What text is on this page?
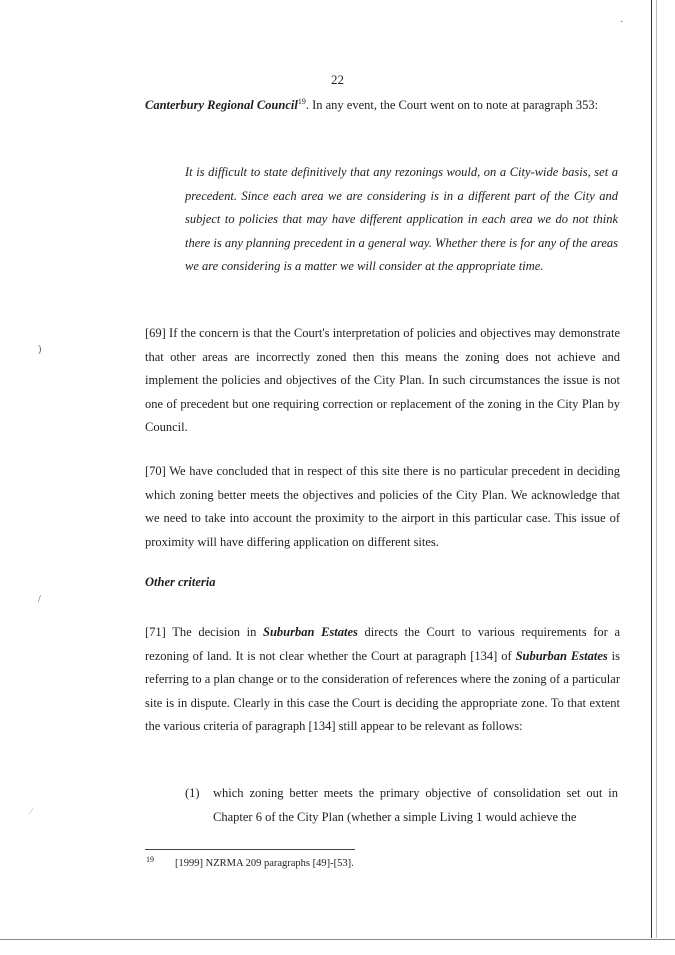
)
/
·
⁄
22
Canterbury Regional Council$^{19}$. In any event, the Court went on to note at paragraph 353:
It is difficult to state definitively that any rezonings would, on a City-wide basis, set a precedent. Since each area we are considering is in a different part of the City and subject to policies that may have different application in each area we do not think there is any planning precedent in a general way. Whether there is for any of the areas we are considering is a matter we will consider at the appropriate time.
[69] If the concern is that the Court's interpretation of policies and objectives may demonstrate that other areas are incorrectly zoned then this means the zoning does not achieve and implement the policies and objectives of the City Plan. In such circumstances the issue is not one of precedent but one requiring correction or replacement of the zoning in the City Plan by Council.
[70] We have concluded that in respect of this site there is no particular precedent in deciding which zoning better meets the objectives and policies of the City Plan. We acknowledge that we need to take into account the proximity to the airport in this particular case. This issue of proximity will have differing application on different sites.
Other criteria
[71] The decision in Suburban Estates directs the Court to various requirements for a rezoning of land. It is not clear whether the Court at paragraph [134] of Suburban Estates is referring to a plan change or to the consideration of references where the zoning of a particular site is in dispute. Clearly in this case the Court is deciding the appropriate zone. To that extent the various criteria of paragraph [134] still appear to be relevant as follows:
(1) which zoning better meets the primary objective of consolidation set out in Chapter 6 of the City Plan (whether a simple Living 1 would achieve the
19 [1999] NZRMA 209 paragraphs [49]-[53].
